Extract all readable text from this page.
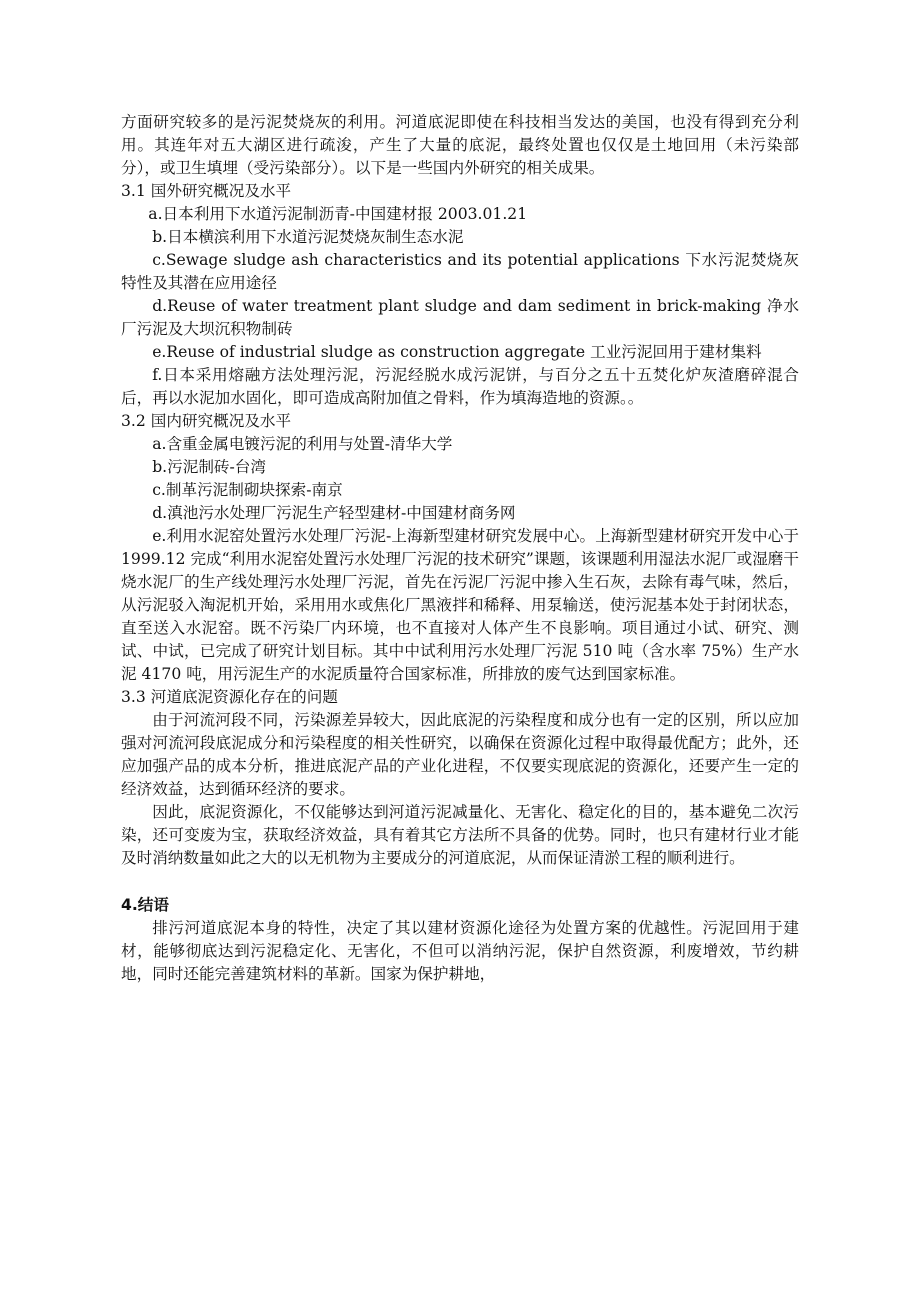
方面研究较多的是污泥焚烧灰的利用。河道底泥即使在科技相当发达的美国，也没有得到充分利用。其连年对五大湖区进行疏浚，产生了大量的底泥，最终处置也仅仅是土地回用（未污染部分），或卫生填埋（受污染部分）。以下是一些国内外研究的相关成果。

3.1 国外研究概况及水平

a.日本利用下水道污泥制沥青-中国建材报 2003.01.21

b.日本横滨利用下水道污泥焚烧灰制生态水泥

c.Sewage sludge ash characteristics and its potential applications 下水污泥焚烧灰特性及其潜在应用途径

d.Reuse of water treatment plant sludge and dam sediment in brick-making 净水厂污泥及大坝沉积物制砖

e.Reuse of industrial sludge as construction aggregate 工业污泥回用于建材集料

f.日本采用熔融方法处理污泥，污泥经脱水成污泥饼，与百分之五十五焚化炉灰渣磨碎混合后，再以水泥加水固化，即可造成高附加值之骨料，作为填海造地的资源。。

3.2 国内研究概况及水平

a.含重金属电镀污泥的利用与处置-清华大学

b.污泥制砖-台湾

c.制革污泥制砌块探索-南京

d.滇池污水处理厂污泥生产轻型建材-中国建材商务网

e.利用水泥窑处置污水处理厂污泥-上海新型建材研究发展中心。上海新型建材研究开发中心于 1999.12 完成“利用水泥窑处置污水处理厂污泥的技术研究”课题，该课题利用湿法水泥厂或湿磨干烧水泥厂的生产线处理污水处理厂污泥，首先在污泥厂污泥中掺入生石灰，去除有毒气味，然后，从污泥驳入淘泥机开始，采用用水或焦化厂黑液拌和稀释、用泵输送，使污泥基本处于封闭状态，直至送入水泥窑。既不污染厂内环境，也不直接对人体产生不良影响。项目通过小试、研究、测试、中试，已完成了研究计划目标。其中中试利用污水处理厂污泥 510 吨（含水率 75%）生产水泥 4170 吨，用污泥生产的水泥质量符合国家标准，所排放的废气达到国家标准。

3.3 河道底泥资源化存在的问题

由于河流河段不同，污染源差异较大，因此底泥的污染程度和成分也有一定的区别，所以应加强对河流河段底泥成分和污染程度的相关性研究，以确保在资源化过程中取得最优配方；此外，还应加强产品的成本分析，推进底泥产品的产业化进程，不仅要实现底泥的资源化，还要产生一定的经济效益，达到循环经济的要求。

因此，底泥资源化，不仅能够达到河道污泥减量化、无害化、稳定化的目的，基本避免二次污染，还可变废为宝，获取经济效益，具有着其它方法所不具备的优势。同时，也只有建材行业才能及时消纳数量如此之大的以无机物为主要成分的河道底泥，从而保证清淤工程的顺利进行。

4.结语

排污河道底泥本身的特性，决定了其以建材资源化途径为处置方案的优越性。污泥回用于建材，能够彻底达到污泥稳定化、无害化，不但可以消纳污泥，保护自然资源，利废增效，节约耕地，同时还能完善建筑材料的革新。国家为保护耕地，
